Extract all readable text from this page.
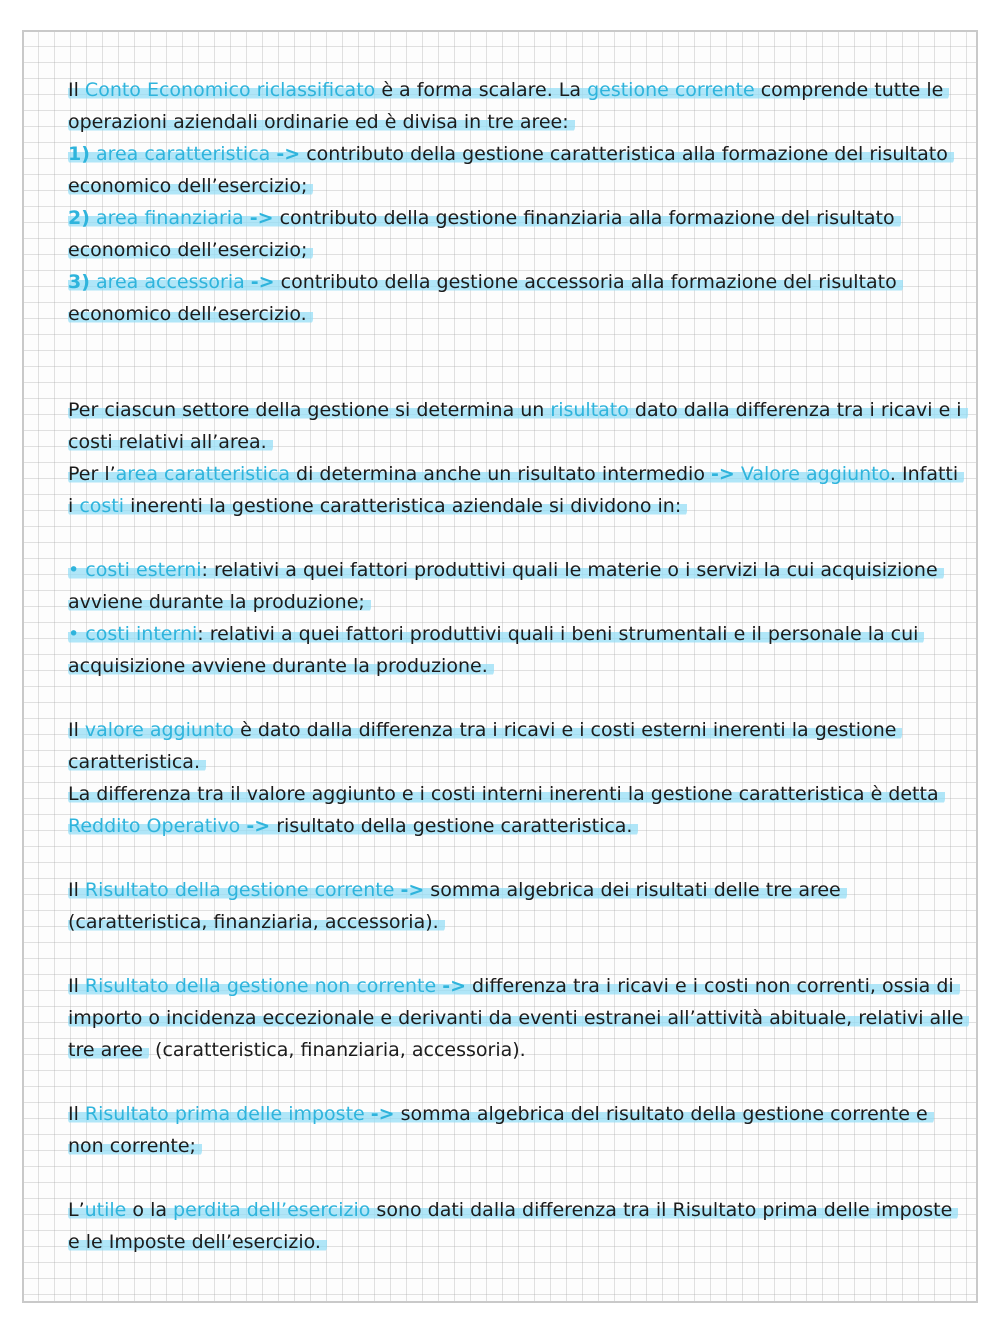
Il Conto Economico riclassificato è a forma scalare. La gestione corrente comprende tutte le operazioni aziendali ordinarie ed è divisa in tre aree:

1) area caratteristica -> contributo della gestione caratteristica alla formazione del risultato economico dell’esercizio;

2) area finanziaria -> contributo della gestione finanziaria alla formazione del risultato economico dell’esercizio;

3) area accessoria -> contributo della gestione accessoria alla formazione del risultato economico dell’esercizio.

Per ciascun settore della gestione si determina un risultato dato dalla differenza tra i ricavi e i costi relativi all’area.

Per l’area caratteristica di determina anche un risultato intermedio -> Valore aggiunto. Infatti i costi inerenti la gestione caratteristica aziendale si dividono in:

• costi esterni: relativi a quei fattori produttivi quali le materie o i servizi la cui acquisizione avviene durante la produzione;

• costi interni: relativi a quei fattori produttivi quali i beni strumentali e il personale la cui acquisizione avviene durante la produzione.

Il valore aggiunto è dato dalla differenza tra i ricavi e i costi esterni inerenti la gestione caratteristica.

La differenza tra il valore aggiunto e i costi interni inerenti la gestione caratteristica è detta Reddito Operativo -> risultato della gestione caratteristica.

Il Risultato della gestione corrente -> somma algebrica dei risultati delle tre aree (caratteristica, finanziaria, accessoria).

Il Risultato della gestione non corrente -> differenza tra i ricavi e i costi non correnti, ossia di importo o incidenza eccezionale e derivanti da eventi estranei all’attività abituale, relativi alle tre aree (caratteristica, finanziaria, accessoria).

Il Risultato prima delle imposte -> somma algebrica del risultato della gestione corrente e non corrente;

L’utile o la perdita dell’esercizio sono dati dalla differenza tra il Risultato prima delle imposte e le Imposte dell’esercizio.
